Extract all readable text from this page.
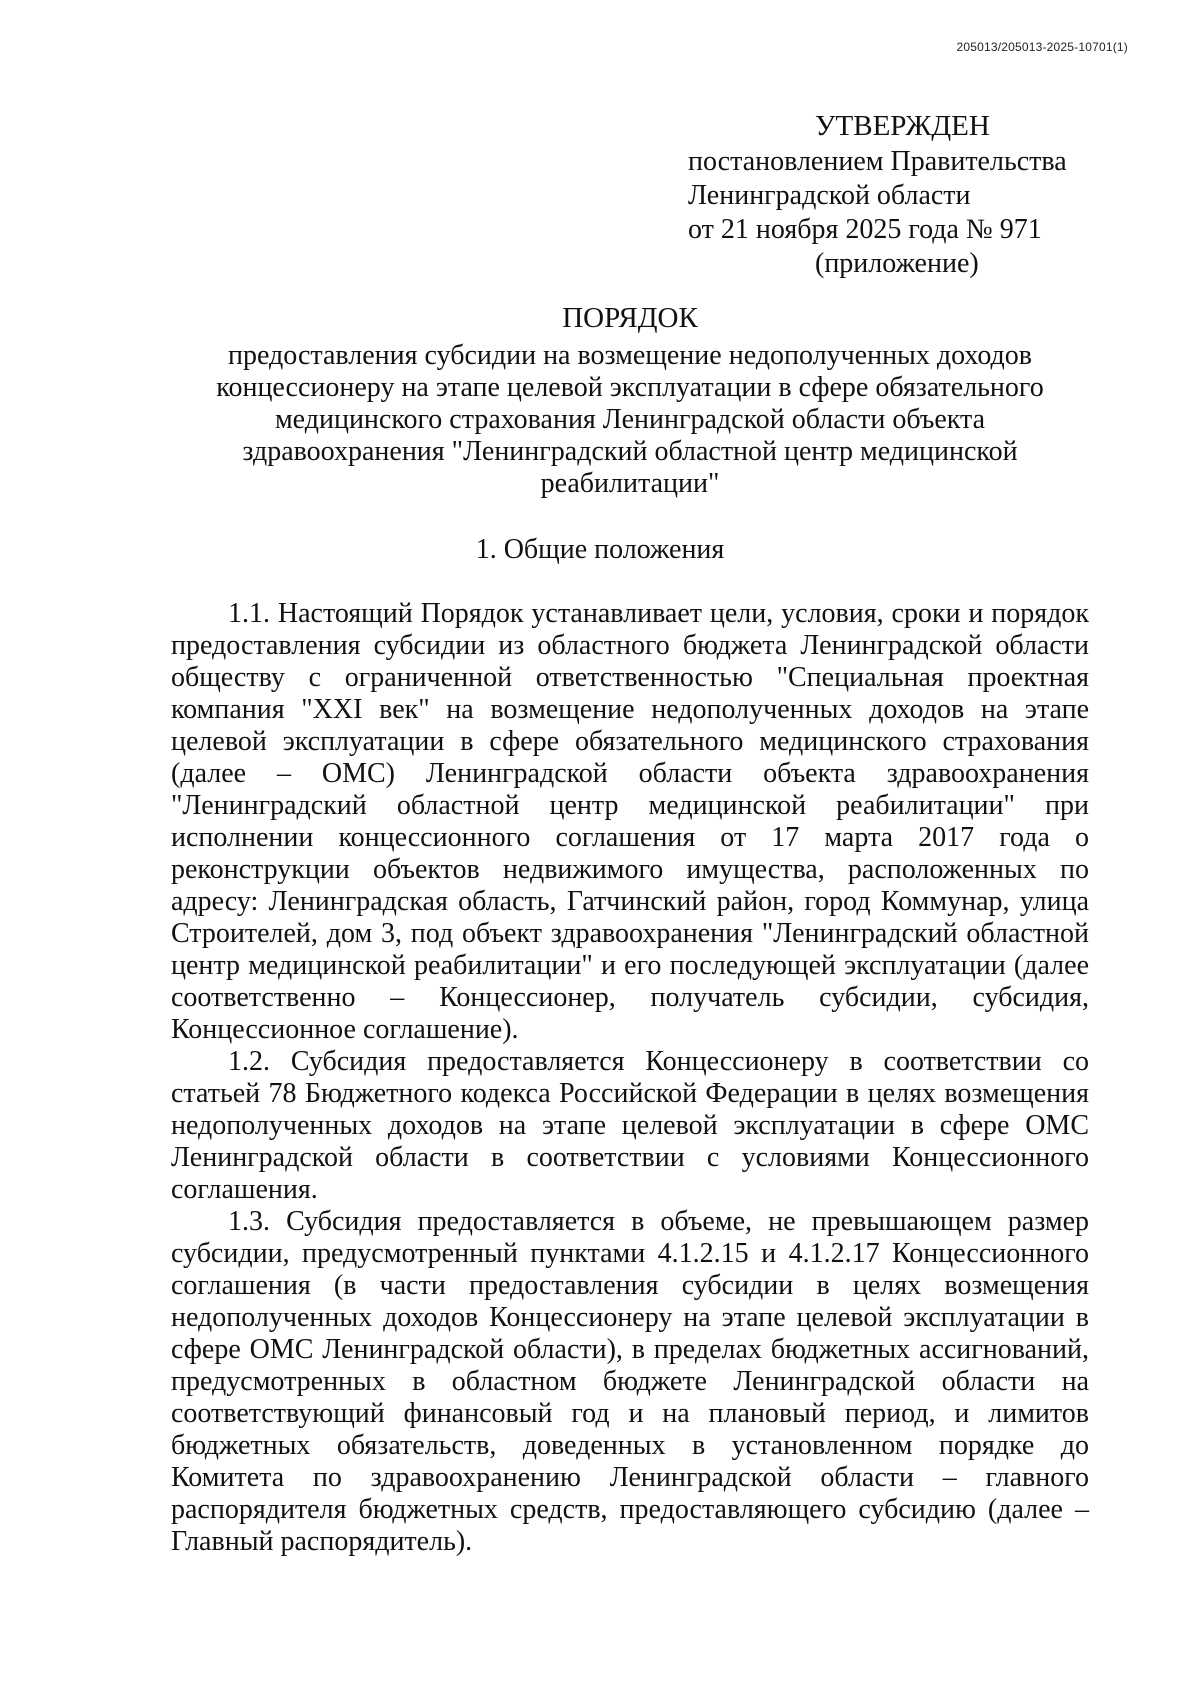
205013/205013-2025-10701(1)
УТВЕРЖДЕН
постановлением Правительства
Ленинградской области
от 21 ноября 2025 года № 971
(приложение)
ПОРЯДОК
предоставления субсидии на возмещение недополученных доходов
концессионеру на этапе целевой эксплуатации в сфере обязательного
медицинского страхования Ленинградской области объекта
здравоохранения "Ленинградский областной центр медицинской
реабилитации"
1. Общие положения

1.1. Настоящий Порядок устанавливает цели, условия, сроки и порядок предоставления субсидии из областного бюджета Ленинградской области обществу с ограниченной ответственностью "Специальная проектная компания "XXI век" на возмещение недополученных доходов на этапе целевой эксплуатации в сфере обязательного медицинского страхования (далее – ОМС) Ленинградской области объекта здравоохранения "Ленинградский областной центр медицинской реабилитации" при исполнении концессионного соглашения от 17 марта 2017 года о реконструкции объектов недвижимого имущества, расположенных по адресу: Ленинградская область, Гатчинский район, город Коммунар, улица Строителей, дом 3, под объект здравоохранения "Ленинградский областной центр медицинской реабилитации" и его последующей эксплуатации (далее соответственно – Концессионер, получатель субсидии, субсидия, Концессионное соглашение).

1.2. Субсидия предоставляется Концессионеру в соответствии со статьей 78 Бюджетного кодекса Российской Федерации в целях возмещения недополученных доходов на этапе целевой эксплуатации в сфере ОМС Ленинградской области в соответствии с условиями Концессионного соглашения.

1.3. Субсидия предоставляется в объеме, не превышающем размер субсидии, предусмотренный пунктами 4.1.2.15 и 4.1.2.17 Концессионного соглашения (в части предоставления субсидии в целях возмещения недополученных доходов Концессионеру на этапе целевой эксплуатации в сфере ОМС Ленинградской области), в пределах бюджетных ассигнований, предусмотренных в областном бюджете Ленинградской области на соответствующий финансовый год и на плановый период, и лимитов бюджетных обязательств, доведенных в установленном порядке до Комитета по здравоохранению Ленинградской области – главного распорядителя бюджетных средств, предоставляющего субсидию (далее – Главный распорядитель).
